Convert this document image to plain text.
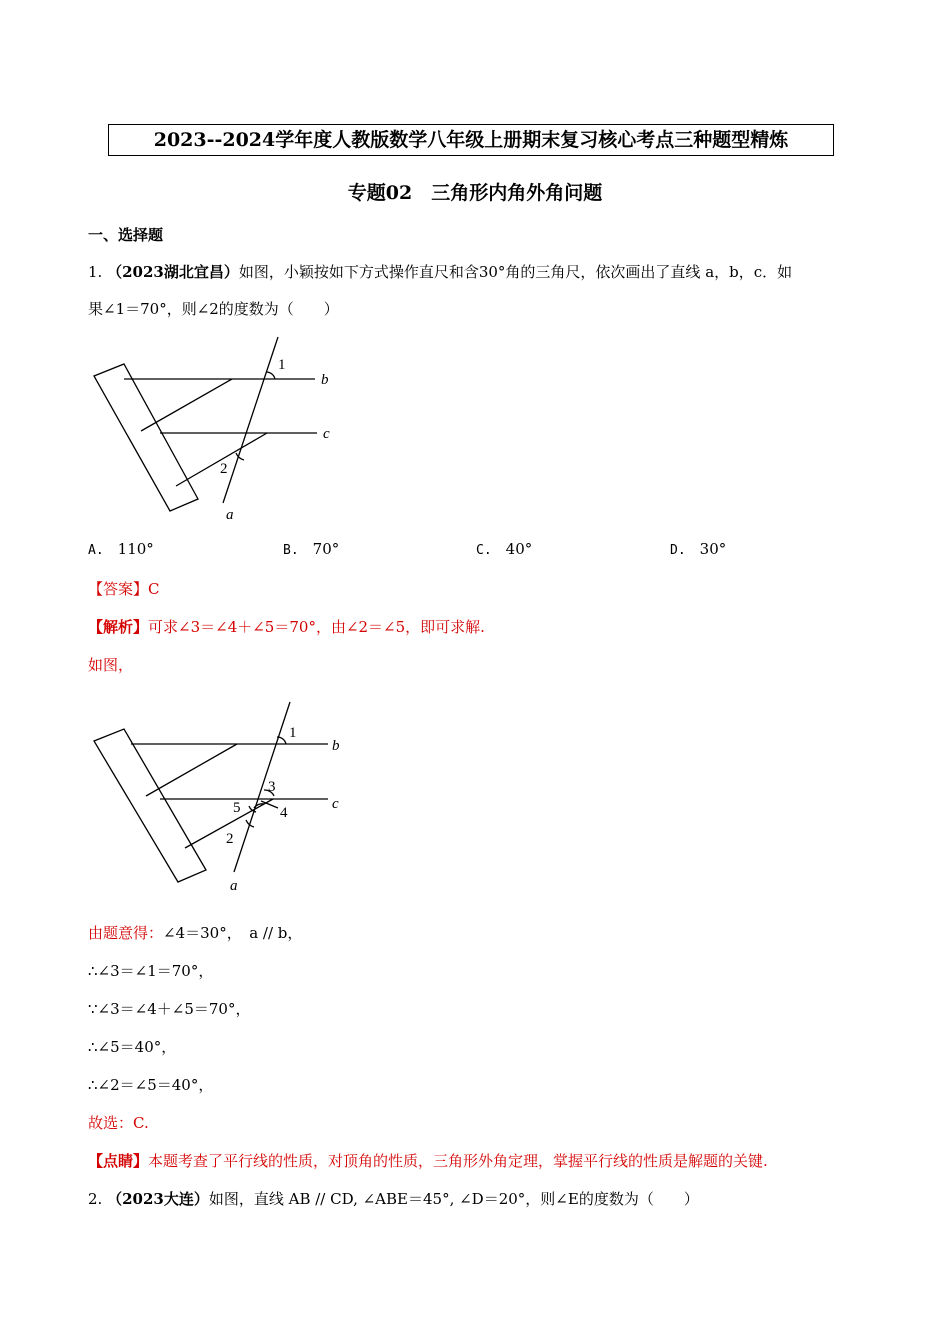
2023--2024学年度人教版数学八年级上册期末复习核心考点三种题型精炼
专题02　三角形内角外角问题
一、选择题
1. （2023湖北宜昌）如图，小颖按如下方式操作直尺和含30°角的三角尺，依次画出了直线 a，b，c．如
果∠1＝70°，则∠2的度数为（　　）
1
b
c
2
a
A. 110°	B. 70°	C. 40°	D. 30°
【答案】C
【解析】可求∠3＝∠4＋∠5＝70°，由∠2＝∠5，即可求解.
如图，
1
b
3
5	4
c
2
a
由题意得：∠4＝30°，　a // b，
∴∠3＝∠1＝70°，
∵∠3＝∠4＋∠5＝70°，
∴∠5＝40°，
∴∠2＝∠5＝40°，
故选：C.
【点睛】本题考查了平行线的性质，对顶角的性质，三角形外角定理，掌握平行线的性质是解题的关键.
2. （2023大连）如图，直线 AB // CD, ∠ABE＝45°, ∠D＝20°，则∠E的度数为（　　）
